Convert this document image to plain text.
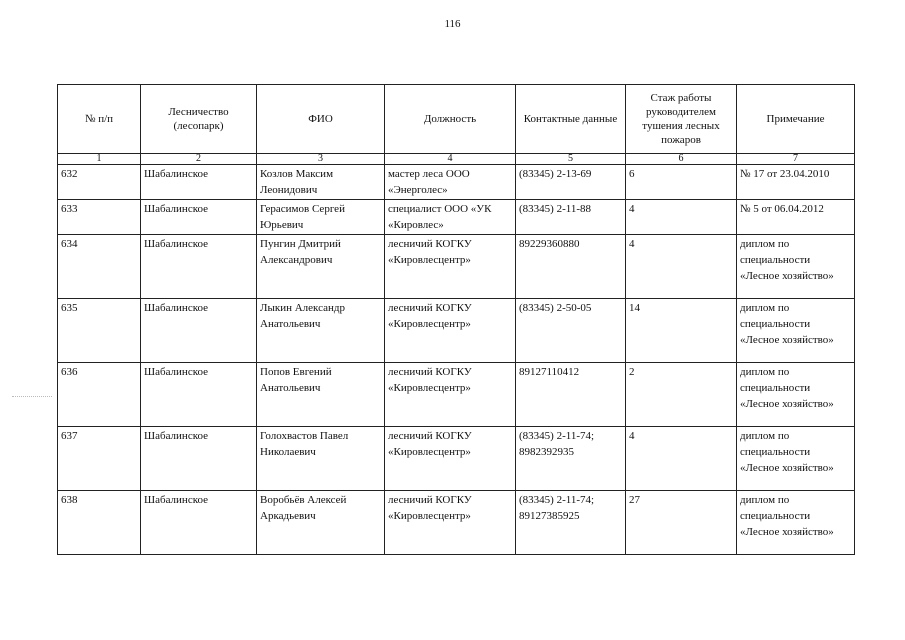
116
№ п/п	Лесничество (лесопарк)	ФИО	Должность	Контактные данные	Стаж работы руководителем тушения лесных пожаров	Примечание
1	2	3	4	5	6	7
632	Шабалинское	Козлов Максим Леонидович	мастер леса ООО «Энерголес»	(83345) 2-13-69	6	№ 17 от 23.04.2010
633	Шабалинское	Герасимов Сергей Юрьевич	специалист ООО «УК «Кировлес»	(83345) 2-11-88	4	№ 5 от 06.04.2012
634	Шабалинское	Пунгин Дмитрий Александрович	лесничий КОГКУ «Кировлесцентр»	89229360880	4	диплом по специальности «Лесное хозяйство»
635	Шабалинское	Лыкин Александр Анатольевич	лесничий КОГКУ «Кировлесцентр»	(83345) 2-50-05	14	диплом по специальности «Лесное хозяйство»
636	Шабалинское	Попов Евгений Анатольевич	лесничий КОГКУ «Кировлесцентр»	89127110412	2	диплом по специальности «Лесное хозяйство»
637	Шабалинское	Голохвастов Павел Николаевич	лесничий КОГКУ «Кировлесцентр»	(83345) 2-11-74; 8982392935	4	диплом по специальности «Лесное хозяйство»
638	Шабалинское	Воробьёв Алексей Аркадьевич	лесничий КОГКУ «Кировлесцентр»	(83345) 2-11-74; 89127385925	27	диплом по специальности «Лесное хозяйство»
